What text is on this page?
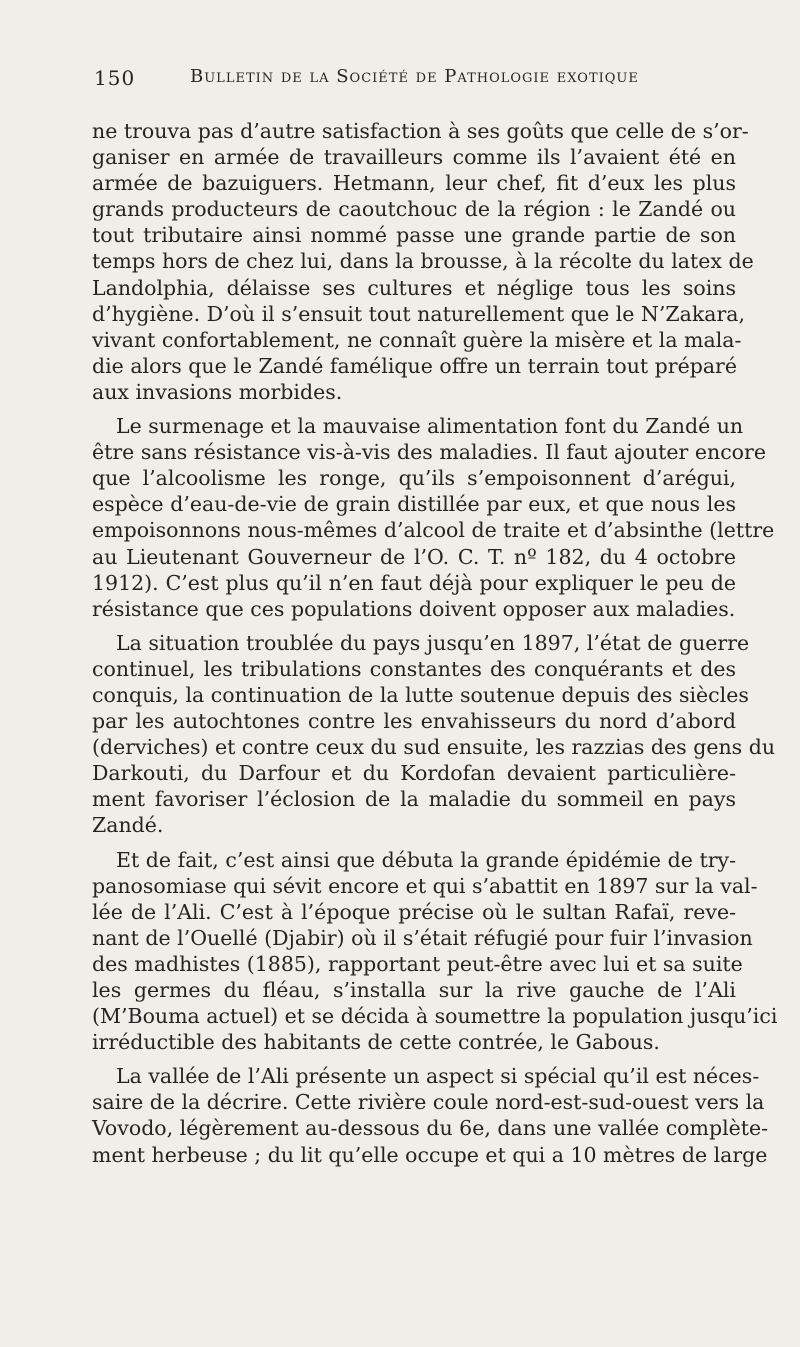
150	Bulletin de la Société de Pathologie exotique

ne trouva pas d’autre satisfaction à ses goûts que celle de s’or-
ganiser en armée de travailleurs comme ils l’avaient été en
armée de bazuiguers. Hetmann, leur chef, fit d’eux les plus
grands producteurs de caoutchouc de la région : le Zandé ou
tout tributaire ainsi nommé passe une grande partie de son
temps hors de chez lui, dans la brousse, à la récolte du latex de
Landolphia, délaisse ses cultures et néglige tous les soins
d’hygiène. D’où il s’ensuit tout naturellement que le N’Zakara,
vivant confortablement, ne connaît guère la misère et la mala-
die alors que le Zandé famélique offre un terrain tout préparé
aux invasions morbides.

Le surmenage et la mauvaise alimentation font du Zandé un
être sans résistance vis-à-vis des maladies. Il faut ajouter encore
que l’alcoolisme les ronge, qu’ils s’empoisonnent d’arégui,
espèce d’eau-de-vie de grain distillée par eux, et que nous les
empoisonnons nous-mêmes d’alcool de traite et d’absinthe (lettre
au Lieutenant Gouverneur de l’O. C. T. nº 182, du 4 octobre
1912). C’est plus qu’il n’en faut déjà pour expliquer le peu de
résistance que ces populations doivent opposer aux maladies.

La situation troublée du pays jusqu’en 1897, l’état de guerre
continuel, les tribulations constantes des conquérants et des
conquis, la continuation de la lutte soutenue depuis des siècles
par les autochtones contre les envahisseurs du nord d’abord
(derviches) et contre ceux du sud ensuite, les razzias des gens du
Darkouti, du Darfour et du Kordofan devaient particulière-
ment favoriser l’éclosion de la maladie du sommeil en pays
Zandé.

Et de fait, c’est ainsi que débuta la grande épidémie de try-
panosomiase qui sévit encore et qui s’abattit en 1897 sur la val-
lée de l’Ali. C’est à l’époque précise où le sultan Rafaï, reve-
nant de l’Ouellé (Djabir) où il s’était réfugié pour fuir l’invasion
des madhistes (1885), rapportant peut-être avec lui et sa suite
les germes du fléau, s’installa sur la rive gauche de l’Ali
(M’Bouma actuel) et se décida à soumettre la population jusqu’ici
irréductible des habitants de cette contrée, le Gabous.

La vallée de l’Ali présente un aspect si spécial qu’il est néces-
saire de la décrire. Cette rivière coule nord-est-sud-ouest vers la
Vovodo, légèrement au-dessous du 6e, dans une vallée complète-
ment herbeuse ; du lit qu’elle occupe et qui a 10 mètres de large
